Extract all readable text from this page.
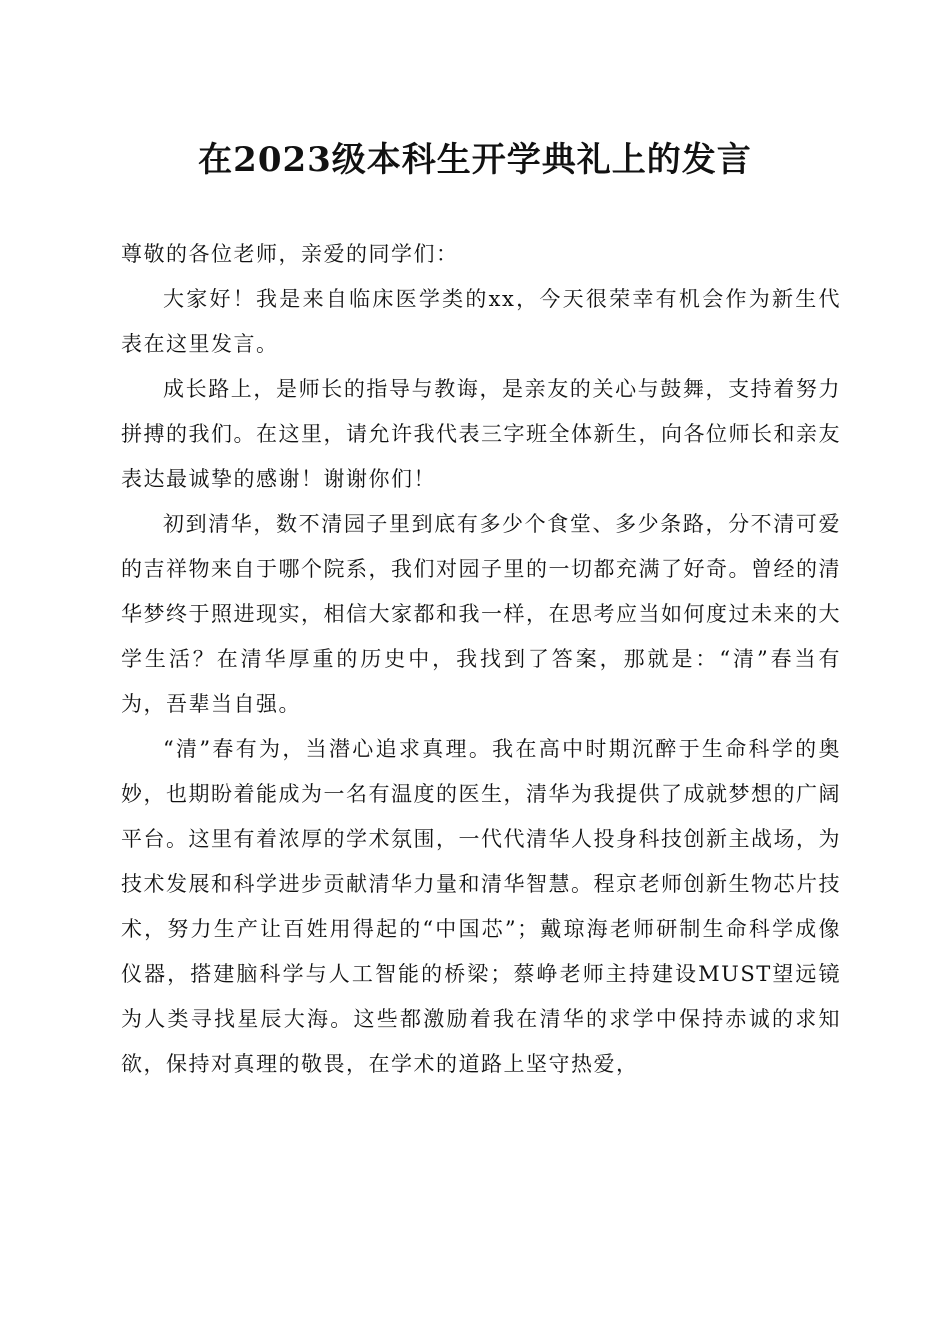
在2023级本科生开学典礼上的发言

尊敬的各位老师，亲爱的同学们：

大家好！我是来自临床医学类的xx，今天很荣幸有机会作为新生代表在这里发言。

成长路上，是师长的指导与教诲，是亲友的关心与鼓舞，支持着努力拼搏的我们。在这里，请允许我代表三字班全体新生，向各位师长和亲友表达最诚挚的感谢！谢谢你们！

初到清华，数不清园子里到底有多少个食堂、多少条路，分不清可爱的吉祥物来自于哪个院系，我们对园子里的一切都充满了好奇。曾经的清华梦终于照进现实，相信大家都和我一样，在思考应当如何度过未来的大学生活？在清华厚重的历史中，我找到了答案，那就是：“清”春当有为，吾辈当自强。

“清”春有为，当潜心追求真理。我在高中时期沉醉于生命科学的奥妙，也期盼着能成为一名有温度的医生，清华为我提供了成就梦想的广阔平台。这里有着浓厚的学术氛围，一代代清华人投身科技创新主战场，为技术发展和科学进步贡献清华力量和清华智慧。程京老师创新生物芯片技术，努力生产让百姓用得起的“中国芯”；戴琼海老师研制生命科学成像仪器，搭建脑科学与人工智能的桥梁；蔡峥老师主持建设MUST望远镜为人类寻找星辰大海。这些都激励着我在清华的求学中保持赤诚的求知欲，保持对真理的敬畏，在学术的道路上坚守热爱，
